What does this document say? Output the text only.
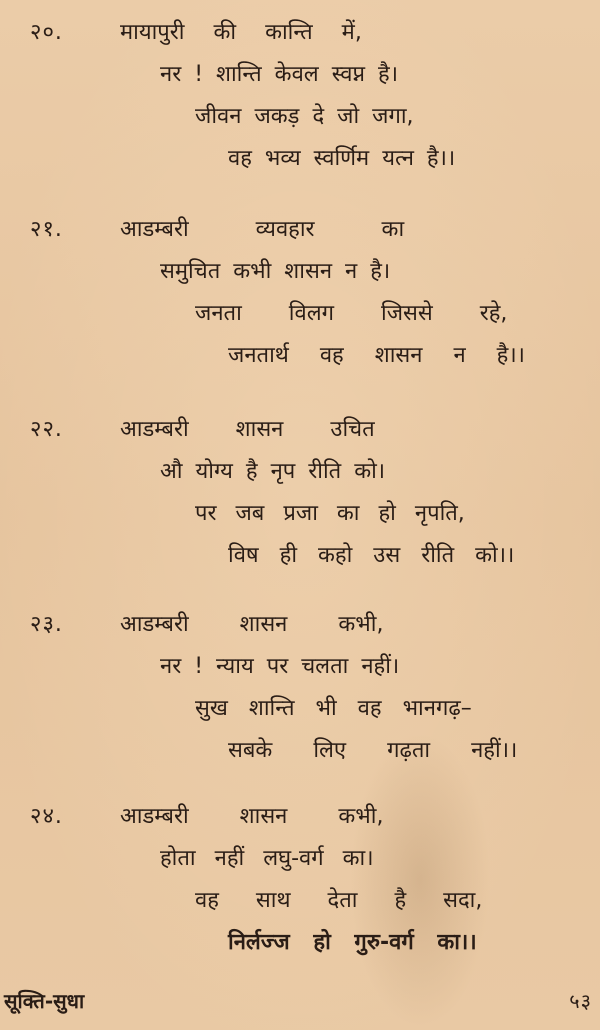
२०.	मायापुरी की कान्ति में,
नर ! शान्ति केवल स्वप्न है।
जीवन जकड़ दे जो जगा,
वह भव्य स्वर्णिम यत्न है।।
२१.	आडम्बरी व्यवहार का
समुचित कभी शासन न है।
जनता विलग जिससे रहे,
जनतार्थ वह शासन न है।।
२२.	आडम्बरी शासन उचित
औ योग्य है नृप रीति को।
पर जब प्रजा का हो नृपति,
विष ही कहो उस रीति को।।
२३.	आडम्बरी शासन कभी,
नर ! न्याय पर चलता नहीं।
सुख शान्ति भी वह भानगढ़–
सबके लिए गढ़ता नहीं।।
२४.	आडम्बरी शासन कभी,
होता नहीं लघु-वर्ग का।
वह साथ देता है सदा,
निर्लज्ज हो गुरु-वर्ग का।।
सूक्ति-सुधा	५३
